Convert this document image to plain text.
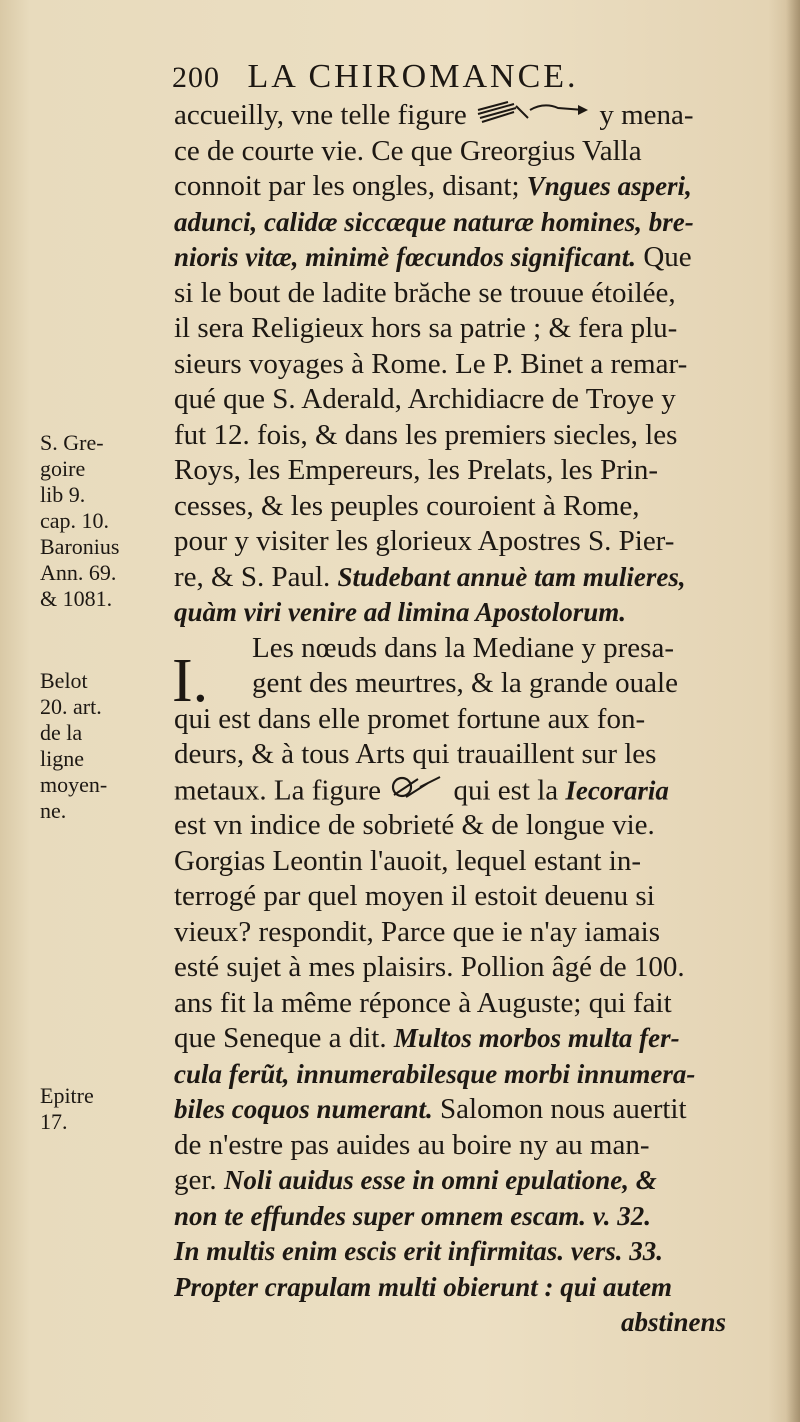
200 LA CHIROMANCE.
I.
S. Gre-
goire
lib 9.
cap. 10.
Baronius
Ann. 69.
& 1081.
Belot
20. art.
de la
ligne
moyen-
ne.
Epitre
17.
accueilly, vne telle figure	y mena-
ce de courte vie. Ce que Greorgius Valla
connoit par les ongles, disant; Vngues asperi,
adunci, calidæ siccæque naturæ homines, bre-
nioris vitæ, minimè fœcundos significant. Que
si le bout de ladite brăche se trouue étoilée,
il sera Religieux hors sa patrie ; & fera plu-
sieurs voyages à Rome. Le P. Binet a remar-
qué que S. Aderald, Archidiacre de Troye y
fut 12. fois, & dans les premiers siecles, les
Roys, les Empereurs, les Prelats, les Prin-
cesses, & les peuples couroient à Rome,
pour y visiter les glorieux Apostres S. Pier-
re, & S. Paul. Studebant annuè tam mulieres,
quàm viri venire ad limina Apostolorum.
Les nœuds dans la Mediane y presa-
gent des meurtres, & la grande ouale
qui est dans elle promet fortune aux fon-
deurs, & à tous Arts qui trauaillent sur les
metaux. La figure  qui est la Iecoraria
est vn indice de sobrieté & de longue vie.
Gorgias Leontin l'auoit, lequel estant in-
terrogé par quel moyen il estoit deuenu si
vieux? respondit, Parce que ie n'ay iamais
esté sujet à mes plaisirs. Pollion âgé de 100.
ans fit la même réponce à Auguste; qui fait
que Seneque a dit. Multos morbos multa fer-
cula ferũt, innumerabilesque morbi innumera-
biles coquos numerant. Salomon nous auertit
de n'estre pas auides au boire ny au man-
ger. Noli auidus esse in omni epulatione, &
non te effundes super omnem escam. v. 32.
In multis enim escis erit infirmitas. vers. 33.
Propter crapulam multi obierunt : qui autem
abstinens
